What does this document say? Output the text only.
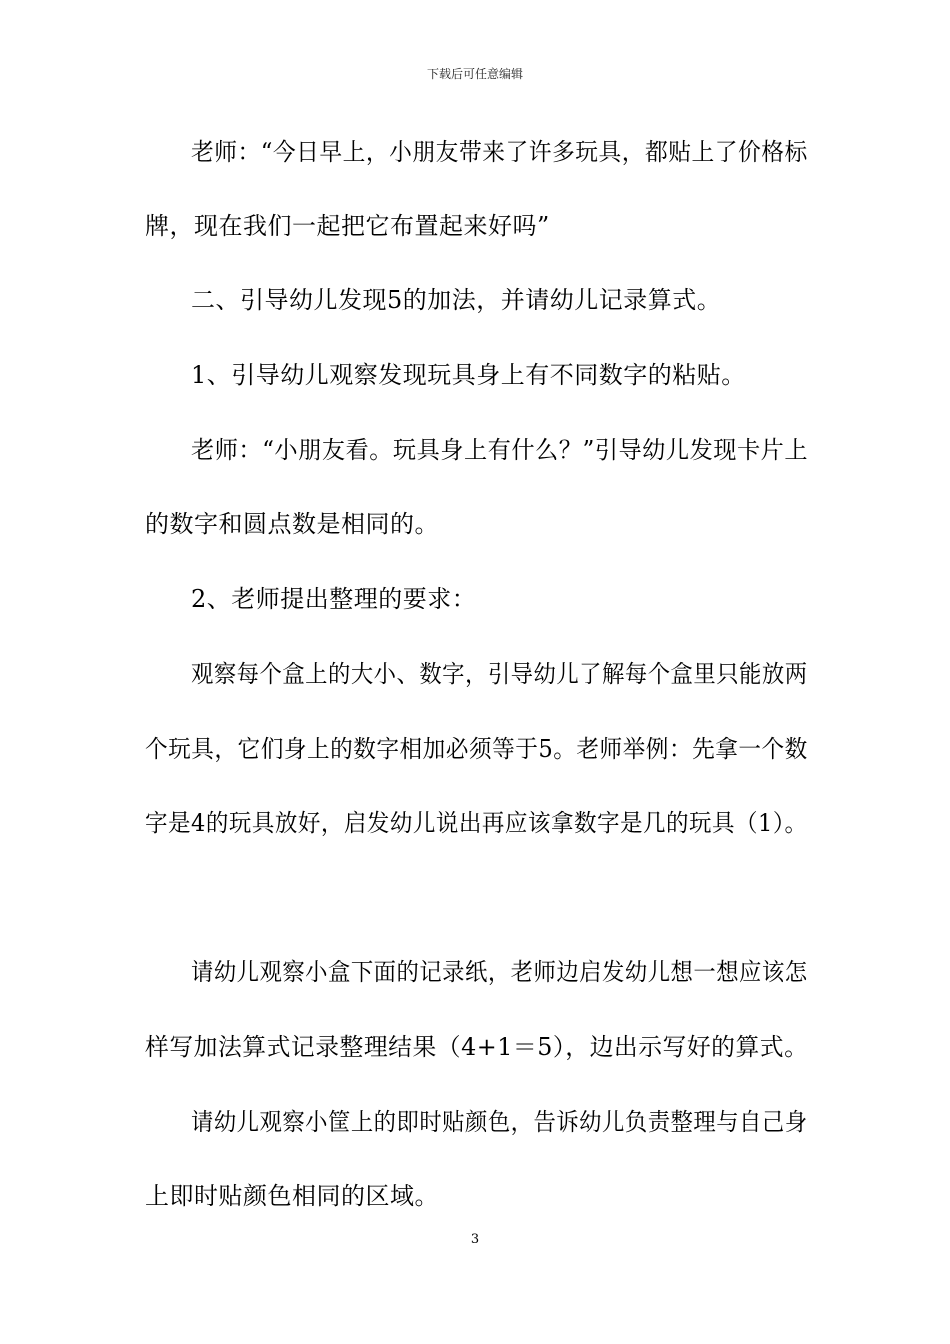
下载后可任意编辑
老师：“今日早上，小朋友带来了许多玩具，都贴上了价格标
牌，现在我们一起把它布置起来好吗”
二、引导幼儿发现5的加法，并请幼儿记录算式。
1、引导幼儿观察发现玩具身上有不同数字的粘贴。
老师：“小朋友看。玩具身上有什么？”引导幼儿发现卡片上
的数字和圆点数是相同的。
2、老师提出整理的要求：
观察每个盒上的大小、数字，引导幼儿了解每个盒里只能放两
个玩具，它们身上的数字相加必须等于5。老师举例：先拿一个数
字是4的玩具放好，启发幼儿说出再应该拿数字是几的玩具（1）。
请幼儿观察小盒下面的记录纸，老师边启发幼儿想一想应该怎
样写加法算式记录整理结果（4+1＝5），边出示写好的算式。
请幼儿观察小筐上的即时贴颜色，告诉幼儿负责整理与自己身
上即时贴颜色相同的区域。
3
